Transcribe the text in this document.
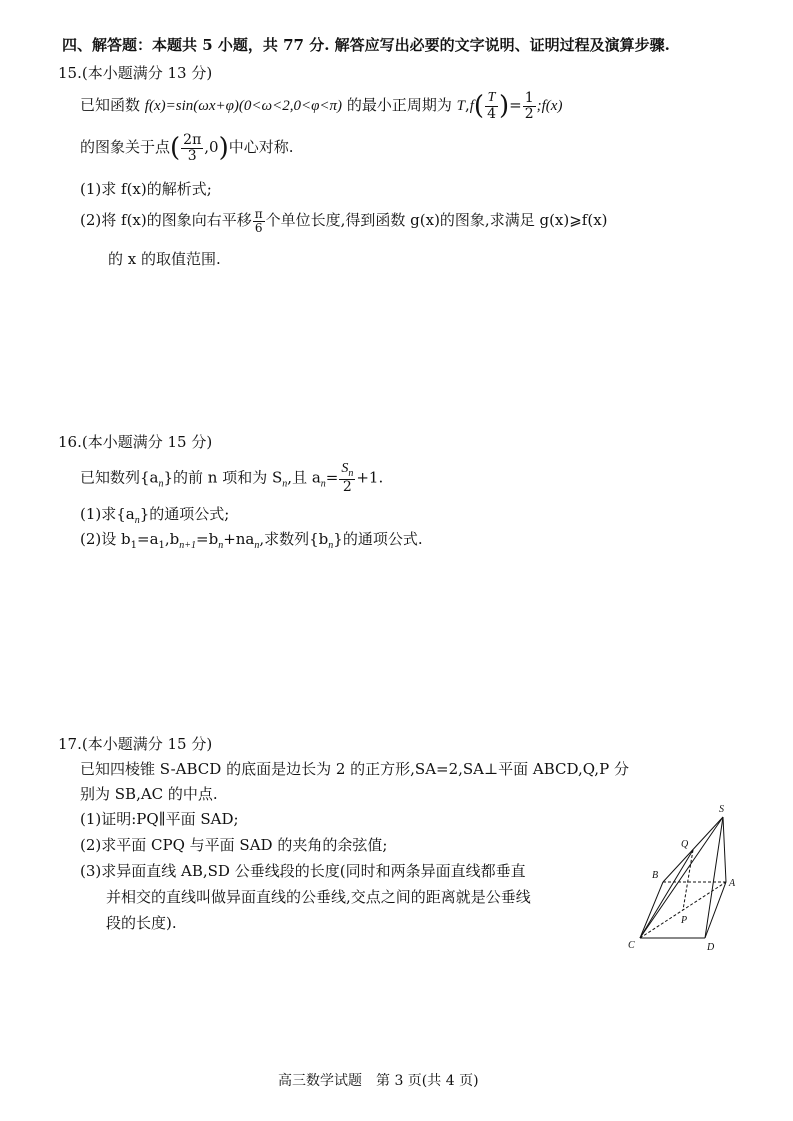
四、解答题：本题共 5 小题，共 77 分. 解答应写出必要的文字说明、证明过程及演算步骤.
15.(本小题满分 13 分)
已知函数 f(x)=sin(ωx+φ)(0<ω<2,0<φ<π) 的最小正周期为 $T,f( \frac{T}{4}$ )= $\frac{1}{2}$ ;f(x)
的图象关于点( $\frac{2\pi}{3} ,0$)中心对称.
(1)求 f(x)的解析式;
(2)将 f(x)的图象向右平移 $\frac{\pi}{6}$ 个单位长度,得到函数 g(x)的图象,求满足 g(x)⩾f(x)
的 x 的取值范围.
16.(本小题满分 15 分)
已知数列$\{a_n\}$的前 n 项和为 $S_n$,且 $a_n= \frac{S_n}{2} +1$.
(1)求$\{a_n\}$的通项公式;
(2)设 $b_1=a_1,b_{n+1}=b_n+na_n$,求数列$\{b_n\}$的通项公式.
17.(本小题满分 15 分)
已知四棱锥 S-ABCD 的底面是边长为 2 的正方形,SA=2,SA⊥平面 ABCD,Q,P 分
别为 SB,AC 的中点.
(1)证明:PQ∥平面 SAD;
(2)求平面 CPQ 与平面 SAD 的夹角的余弦值;
(3)求异面直线 AB,SD 公垂线段的长度(同时和两条异面直线都垂直
并相交的直线叫做异面直线的公垂线,交点之间的距离就是公垂线
段的长度).
S
Q
B
A
P
C	D
高三数学试题　第 3 页(共 4 页)
